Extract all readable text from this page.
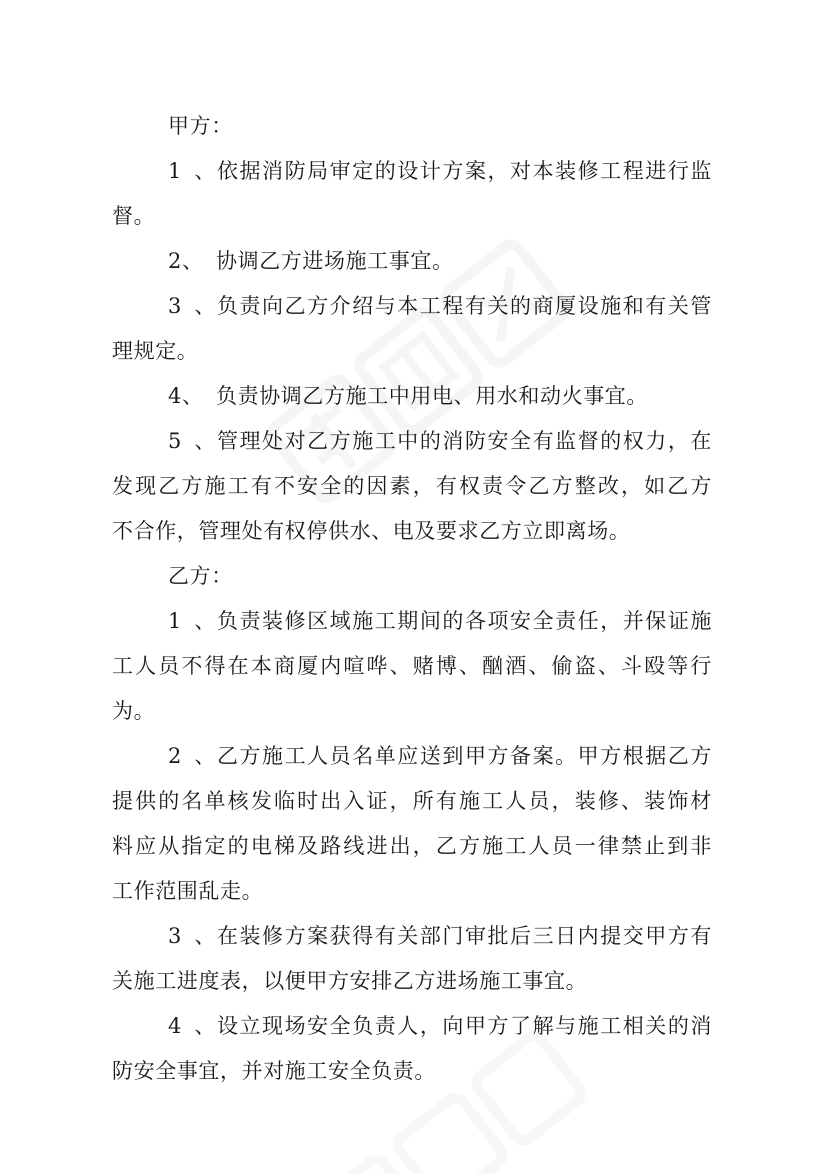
甲方：
1、依据消防局审定的设计方案，对本装修工程进行监
督。
2、 协调乙方进场施工事宜。
3、负责向乙方介绍与本工程有关的商厦设施和有关管
理规定。
4、 负责协调乙方施工中用电、用水和动火事宜。
5、管理处对乙方施工中的消防安全有监督的权力，在
发现乙方施工有不安全的因素，有权责令乙方整改，如乙方
不合作，管理处有权停供水、电及要求乙方立即离场。
乙方：
1、负责装修区域施工期间的各项安全责任，并保证施
工人员不得在本商厦内喧哗、赌博、酗酒、偷盗、斗殴等行
为。
2、乙方施工人员名单应送到甲方备案。甲方根据乙方
提供的名单核发临时出入证，所有施工人员，装修、装饰材
料应从指定的电梯及路线进出，乙方施工人员一律禁止到非
工作范围乱走。
3、在装修方案获得有关部门审批后三日内提交甲方有
关施工进度表，以便甲方安排乙方进场施工事宜。
4、设立现场安全负责人，向甲方了解与施工相关的消
防安全事宜，并对施工安全负责。
